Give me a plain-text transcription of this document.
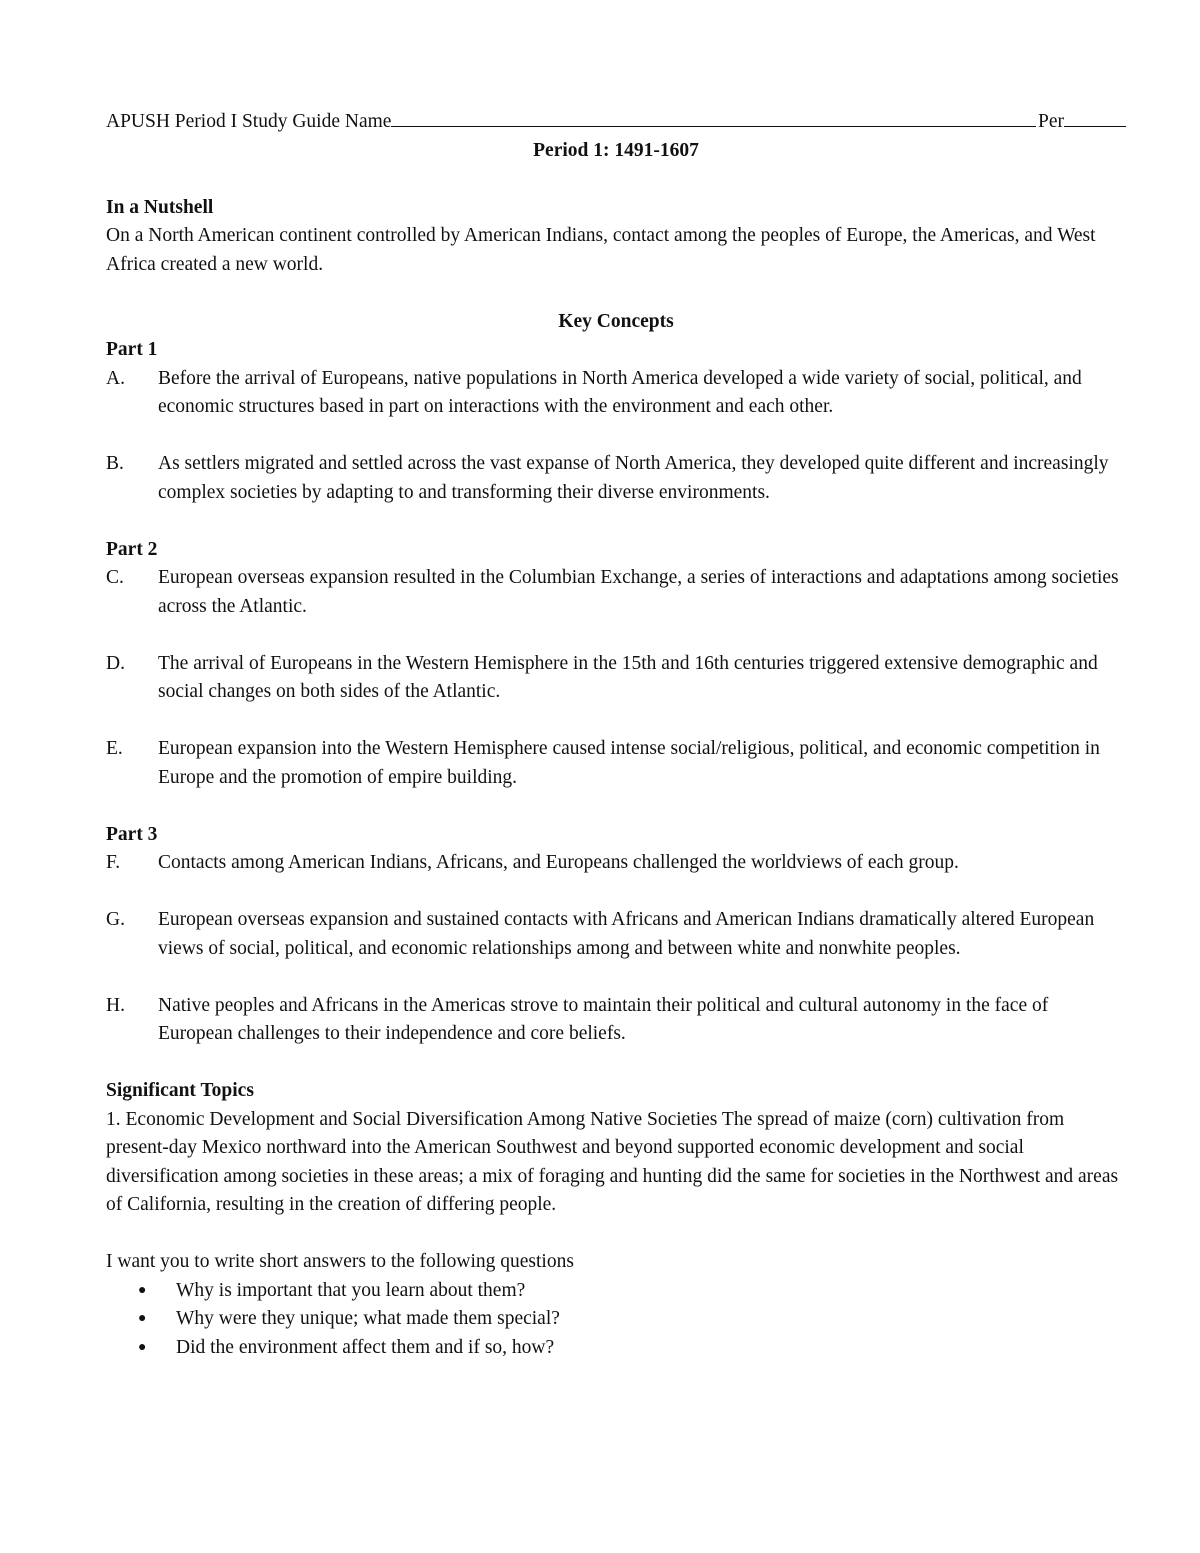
APUSH Period I Study Guide Name	Per
Period 1: 1491-1607
In a Nutshell
On a North American continent controlled by American Indians, contact among the peoples of Europe, the Americas, and West Africa created a new world.
Key Concepts
Part 1
A.	Before the arrival of Europeans, native populations in North America developed a wide variety of social, political, and economic structures based in part on interactions with the environment and each other.
B.	As settlers migrated and settled across the vast expanse of North America, they developed quite different and increasingly complex societies by adapting to and transforming their diverse environments.
Part 2
C.	European overseas expansion resulted in the Columbian Exchange, a series of interactions and adaptations among societies across the Atlantic.
D.	The arrival of Europeans in the Western Hemisphere in the 15th and 16th centuries triggered extensive demographic and social changes on both sides of the Atlantic.
E.	European expansion into the Western Hemisphere caused intense social/religious, political, and economic competition in Europe and the promotion of empire building.
Part 3
F.	Contacts among American Indians, Africans, and Europeans challenged the worldviews of each group.
G.	European overseas expansion and sustained contacts with Africans and American Indians dramatically altered European views of social, political, and economic relationships among and between white and nonwhite peoples.
H.	Native peoples and Africans in the Americas strove to maintain their political and cultural autonomy in the face of European challenges to their independence and core beliefs.
Significant Topics
1. Economic Development and Social Diversification Among Native Societies The spread of maize (corn) cultivation from present-day Mexico northward into the American Southwest and beyond supported economic development and social diversification among societies in these areas; a mix of foraging and hunting did the same for societies in the Northwest and areas of California, resulting in the creation of differing people.
I want you to write short answers to the following questions
●	Why is important that you learn about them?
●	Why were they unique; what made them special?
●	Did the environment affect them and if so, how?
